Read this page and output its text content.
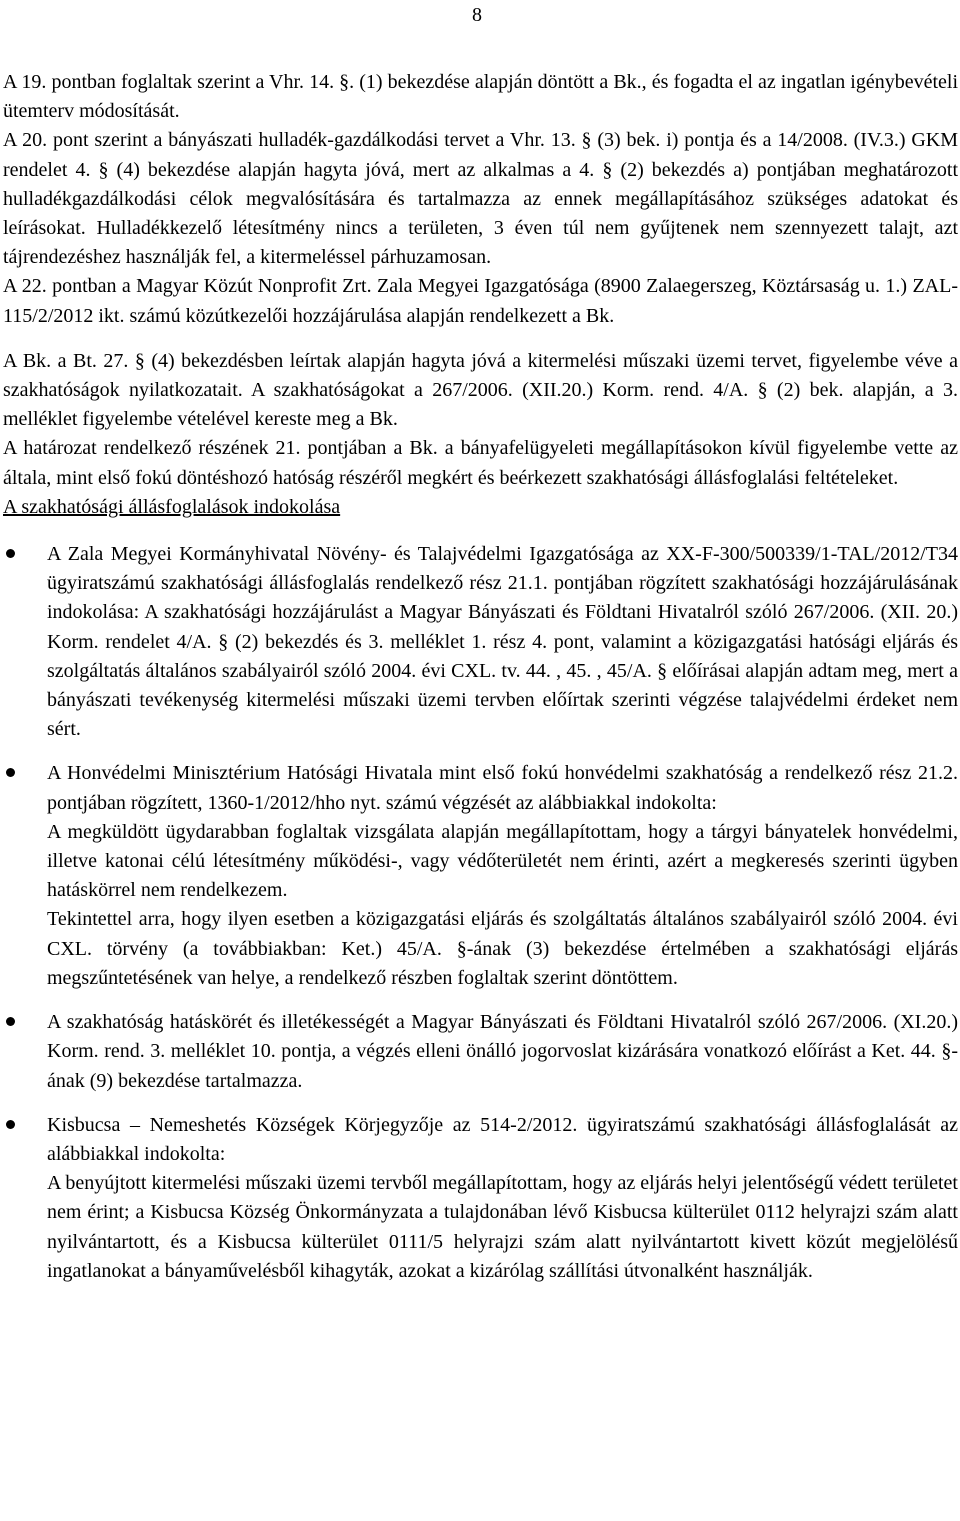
8

A 19. pontban foglaltak szerint a Vhr. 14. §. (1) bekezdése alapján döntött a Bk., és fogadta el az ingatlan igénybevételi ütemterv módosítását.

A 20. pont szerint a bányászati hulladék-gazdálkodási tervet a Vhr. 13. § (3) bek. i) pontja és a 14/2008. (IV.3.) GKM rendelet 4. § (4) bekezdése alapján hagyta jóvá, mert az alkalmas a 4. § (2) bekezdés a) pontjában meghatározott hulladékgazdálkodási célok megvalósítására és tartalmazza az ennek megállapításához szükséges adatokat és leírásokat. Hulladékkezelő létesítmény nincs a területen, 3 éven túl nem gyűjtenek nem szennyezett talajt, azt tájrendezéshez használják fel, a kitermeléssel párhuzamosan.

A 22. pontban a Magyar Közút Nonprofit Zrt. Zala Megyei Igazgatósága (8900 Zalaegerszeg, Köztársaság u. 1.) ZAL-115/2/2012 ikt. számú közútkezelői hozzájárulása alapján rendelkezett a Bk.

A Bk. a Bt. 27. § (4) bekezdésben leírtak alapján hagyta jóvá a kitermelési műszaki üzemi tervet, figyelembe véve a szakhatóságok nyilatkozatait. A szakhatóságokat a 267/2006. (XII.20.) Korm. rend. 4/A. § (2) bek. alapján, a 3. melléklet figyelembe vételével kereste meg a Bk.

A határozat rendelkező részének 21. pontjában a Bk. a bányafelügyeleti megállapításokon kívül figyelembe vette az általa, mint első fokú döntéshozó hatóság részéről megkért és beérkezett szakhatósági állásfoglalási feltételeket.

A szakhatósági állásfoglalások indokolása

A Zala Megyei Kormányhivatal Növény- és Talajvédelmi Igazgatósága az XX-F-300/500339/1-TAL/2012/T34 ügyiratszámú szakhatósági állásfoglalás rendelkező rész 21.1. pontjában rögzített szakhatósági hozzájárulásának indokolása: A szakhatósági hozzájárulást a Magyar Bányászati és Földtani Hivatalról szóló 267/2006. (XII. 20.) Korm. rendelet 4/A. § (2) bekezdés és 3. melléklet 1. rész 4. pont, valamint a közigazgatási hatósági eljárás és szolgáltatás általános szabályairól szóló 2004. évi CXL. tv. 44. , 45. , 45/A. § előírásai alapján adtam meg, mert a bányászati tevékenység kitermelési műszaki üzemi tervben előírtak szerinti végzése talajvédelmi érdeket nem sért.

A Honvédelmi Minisztérium Hatósági Hivatala mint első fokú honvédelmi szakhatóság a rendelkező rész 21.2. pontjában rögzített, 1360-1/2012/hho nyt. számú végzését az alábbiakkal indokolta:

A megküldött ügydarabban foglaltak vizsgálata alapján megállapítottam, hogy a tárgyi bányatelek honvédelmi, illetve katonai célú létesítmény működési-, vagy védőterületét nem érinti, azért a megkeresés szerinti ügyben hatáskörrel nem rendelkezem.

Tekintettel arra, hogy ilyen esetben a közigazgatási eljárás és szolgáltatás általános szabályairól szóló 2004. évi CXL. törvény (a továbbiakban: Ket.) 45/A. §-ának (3) bekezdése értelmében a szakhatósági eljárás megszűntetésének van helye, a rendelkező részben foglaltak szerint döntöttem.

A szakhatóság hatáskörét és illetékességét a Magyar Bányászati és Földtani Hivatalról szóló 267/2006. (XI.20.) Korm. rend. 3. melléklet 10. pontja, a végzés elleni önálló jogorvoslat kizárására vonatkozó előírást a Ket. 44. §-ának (9) bekezdése tartalmazza.

Kisbucsa – Nemeshetés Községek Körjegyzője az 514-2/2012. ügyiratszámú szakhatósági állásfoglalását az alábbiakkal indokolta:

A benyújtott kitermelési műszaki üzemi tervből megállapítottam, hogy az eljárás helyi jelentőségű védett területet nem érint; a Kisbucsa Község Önkormányzata a tulajdonában lévő Kisbucsa külterület 0112 helyrajzi szám alatt nyilvántartott, és a Kisbucsa külterület 0111/5 helyrajzi szám alatt nyilvántartott kivett közút megjelölésű ingatlanokat a bányaművelésből kihagyták, azokat a kizárólag szállítási útvonalként használják.
